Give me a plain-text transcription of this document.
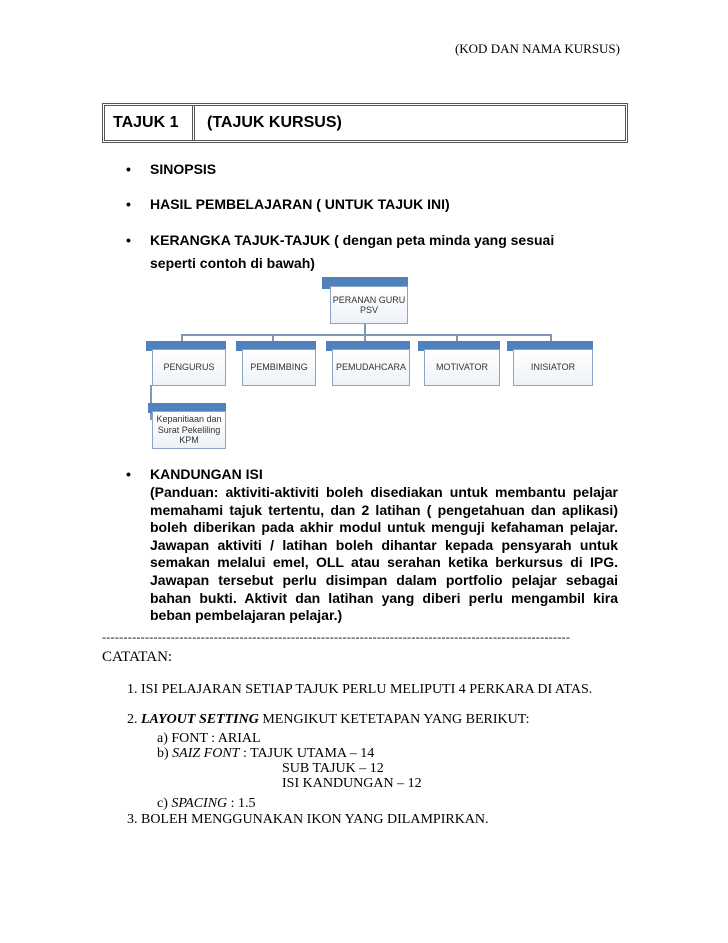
(KOD DAN NAMA KURSUS)
TAJUK 1 (TAJUK KURSUS)
• SINOPSIS
• HASIL PEMBELAJARAN ( UNTUK TAJUK INI)
• KERANGKA TAJUK-TAJUK ( dengan peta minda yang sesuai
seperti contoh di bawah)
PERANAN GURU PSV
PENGURUS	PEMBIMBING	PEMUDAHCARA	MOTIVATOR	INISIATOR
Kepanitiaan dan Surat Pekeliling KPM
• KANDUNGAN ISI
(Panduan: aktiviti-aktiviti boleh disediakan untuk membantu pelajar memahami tajuk tertentu, dan 2 latihan ( pengetahuan dan aplikasi) boleh diberikan pada akhir modul untuk menguji kefahaman pelajar. Jawapan aktiviti / latihan boleh dihantar kepada pensyarah untuk semakan melalui emel, OLL atau serahan ketika berkursus di IPG. Jawapan tersebut perlu disimpan dalam portfolio pelajar sebagai bahan bukti. Aktivit dan latihan yang diberi perlu mengambil kira beban pembelajaran pelajar.)
-------------------------------------------------------------------------------------------------------------
CATATAN:
1. ISI PELAJARAN SETIAP TAJUK PERLU MELIPUTI 4 PERKARA DI ATAS.
2. LAYOUT SETTING MENGIKUT KETETAPAN YANG BERIKUT:
a) FONT : ARIAL
b) SAIZ FONT : TAJUK UTAMA – 14
SUB TAJUK – 12
ISI KANDUNGAN – 12
c) SPACING : 1.5
3. BOLEH MENGGUNAKAN IKON YANG DILAMPIRKAN.
